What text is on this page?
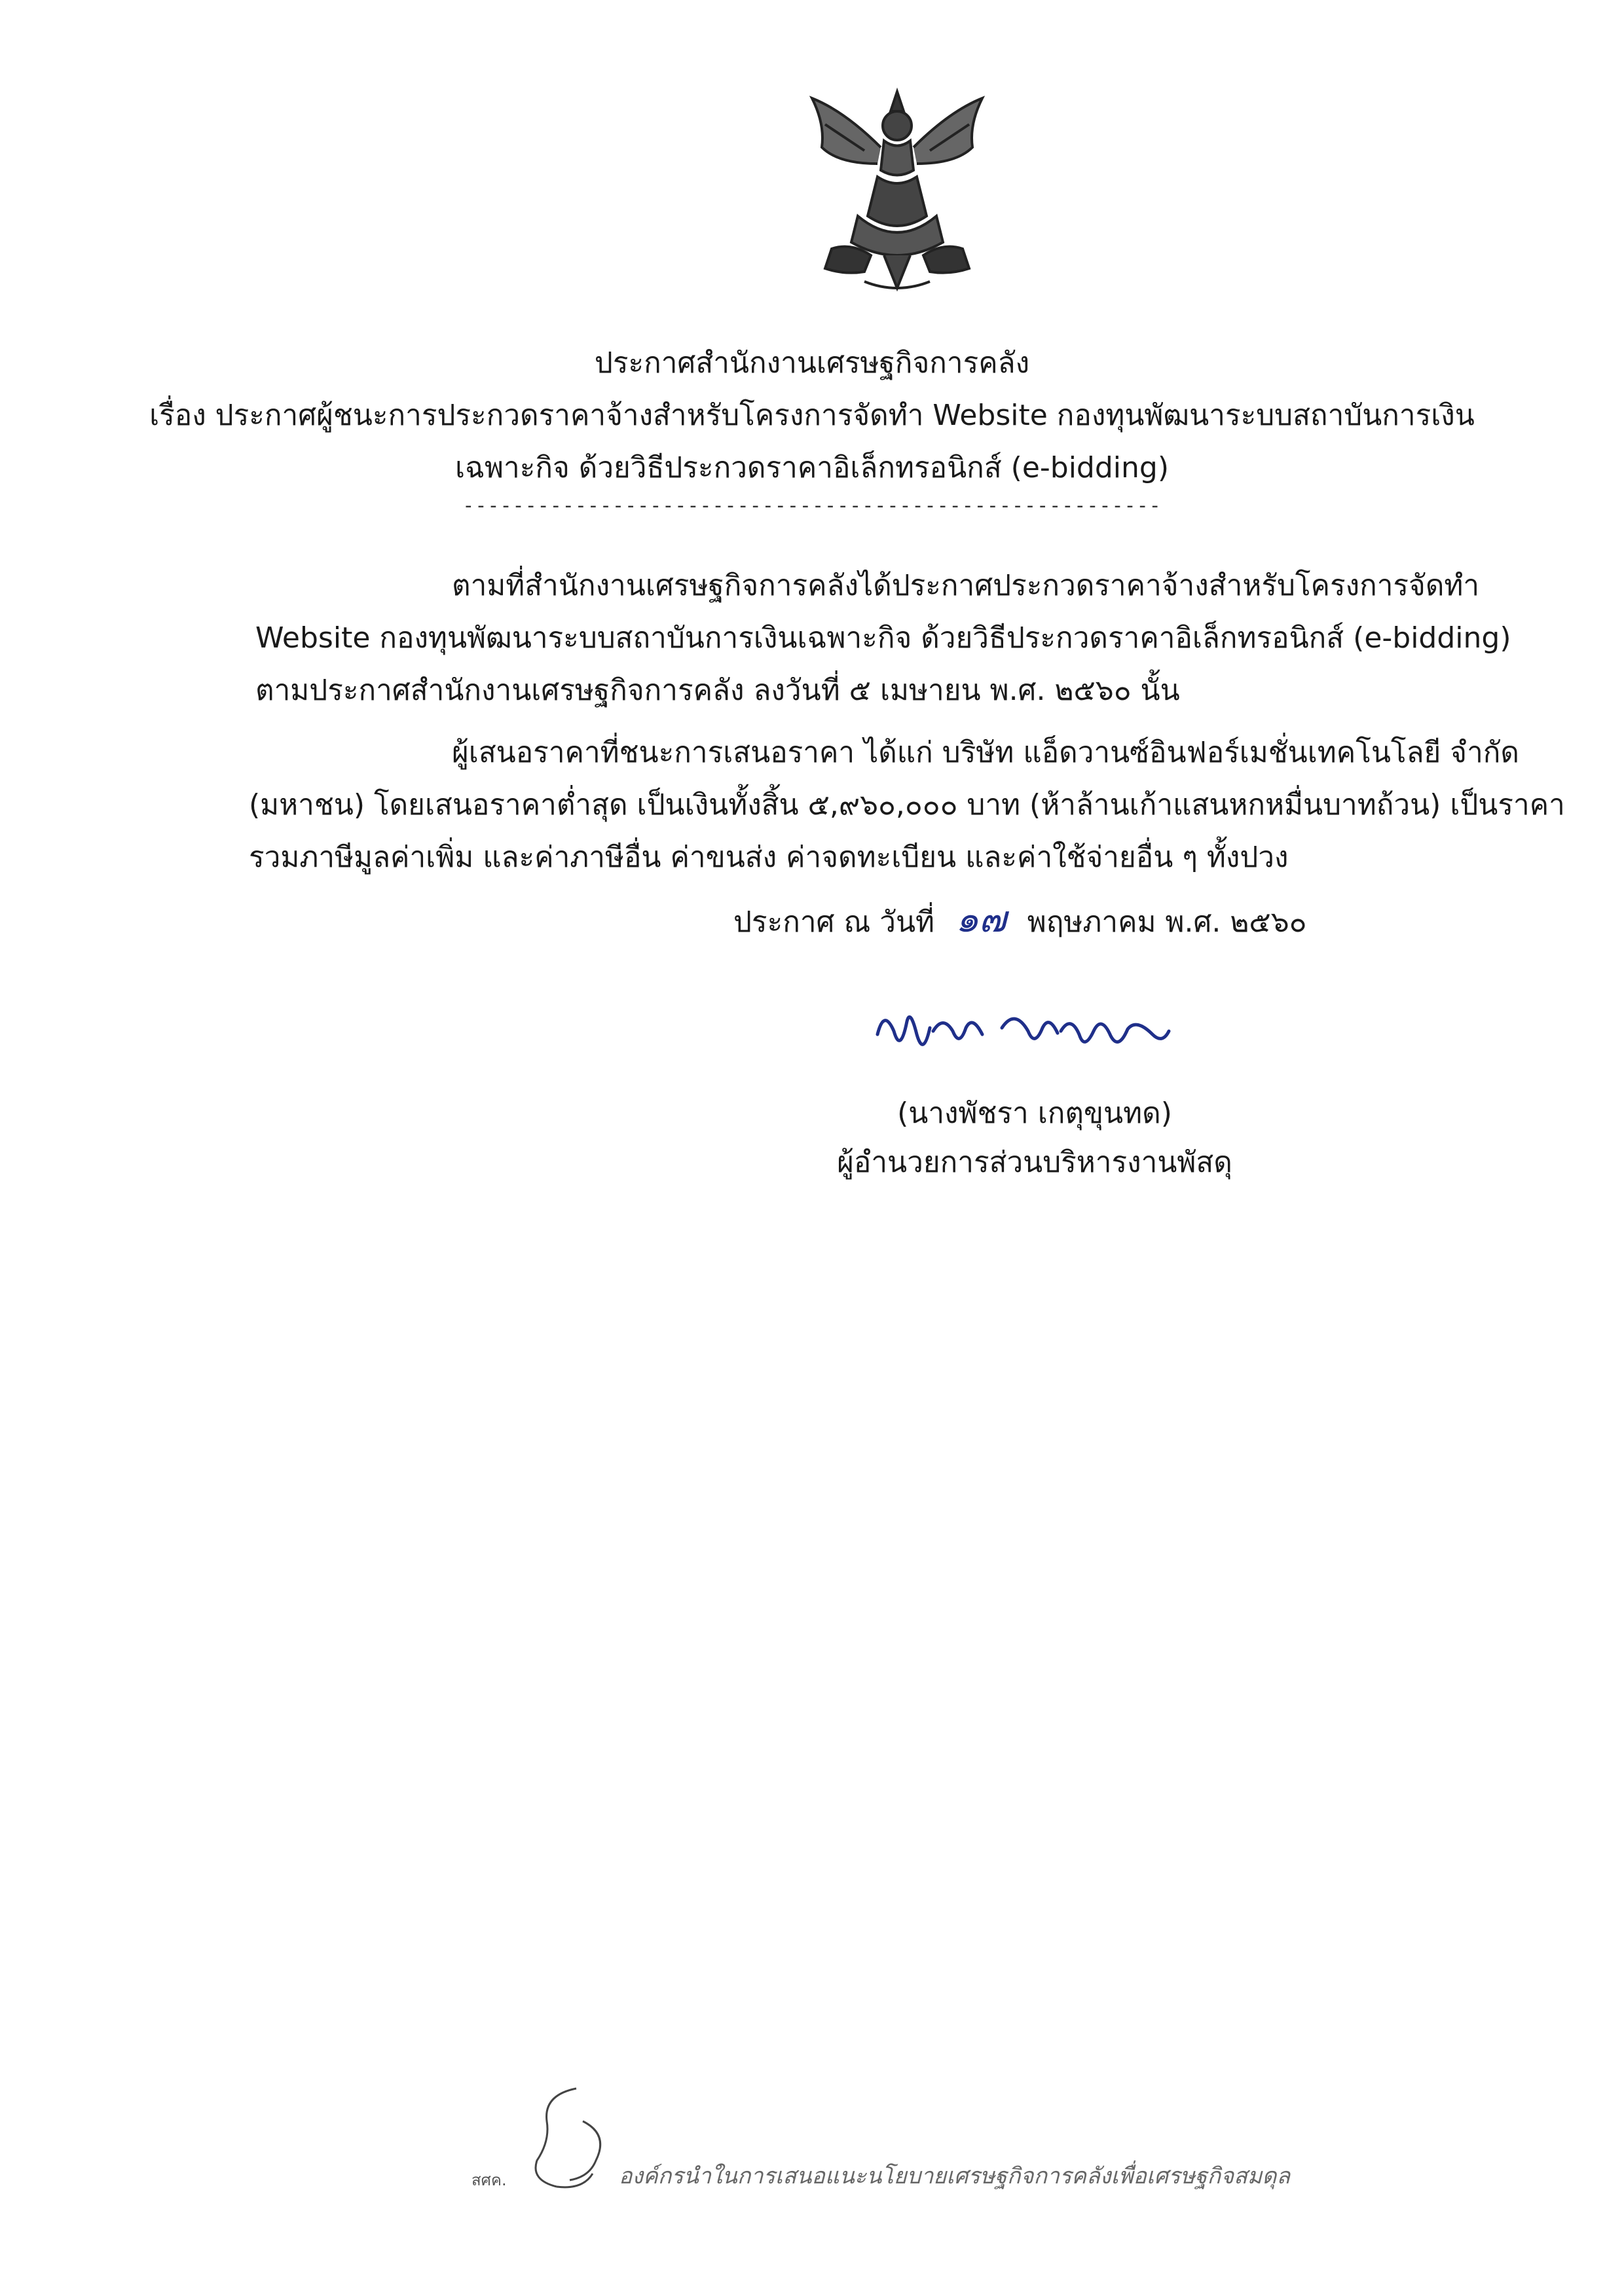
ประกาศสำนักงานเศรษฐกิจการคลัง
เรื่อง ประกาศผู้ชนะการประกวดราคาจ้างสำหรับโครงการจัดทำ Website กองทุนพัฒนาระบบสถาบันการเงิน
เฉพาะกิจ ด้วยวิธีประกวดราคาอิเล็กทรอนิกส์ (e-bidding)
--------------------------------------------------------
ตามที่สำนักงานเศรษฐกิจการคลังได้ประกาศประกวดราคาจ้างสำหรับโครงการจัดทำ
Website กองทุนพัฒนาระบบสถาบันการเงินเฉพาะกิจ ด้วยวิธีประกวดราคาอิเล็กทรอนิกส์ (e-bidding)
ตามประกาศสำนักงานเศรษฐกิจการคลัง ลงวันที่ ๕ เมษายน พ.ศ. ๒๕๖๐ นั้น
ผู้เสนอราคาที่ชนะการเสนอราคา ได้แก่ บริษัท แอ็ดวานซ์อินฟอร์เมชั่นเทคโนโลยี จำกัด
(มหาชน) โดยเสนอราคาต่ำสุด เป็นเงินทั้งสิ้น ๕,๙๖๐,๐๐๐ บาท (ห้าล้านเก้าแสนหกหมื่นบาทถ้วน) เป็นราคา
รวมภาษีมูลค่าเพิ่ม และค่าภาษีอื่น ค่าขนส่ง ค่าจดทะเบียน และค่าใช้จ่ายอื่น ๆ ทั้งปวง
ประกาศ ณ วันที่ ๑๗ พฤษภาคม พ.ศ. ๒๕๖๐
(นางพัชรา เกตุขุนทด)
ผู้อำนวยการส่วนบริหารงานพัสดุ
สศค.	องค์กรนำในการเสนอแนะนโยบายเศรษฐกิจการคลังเพื่อเศรษฐกิจสมดุล
